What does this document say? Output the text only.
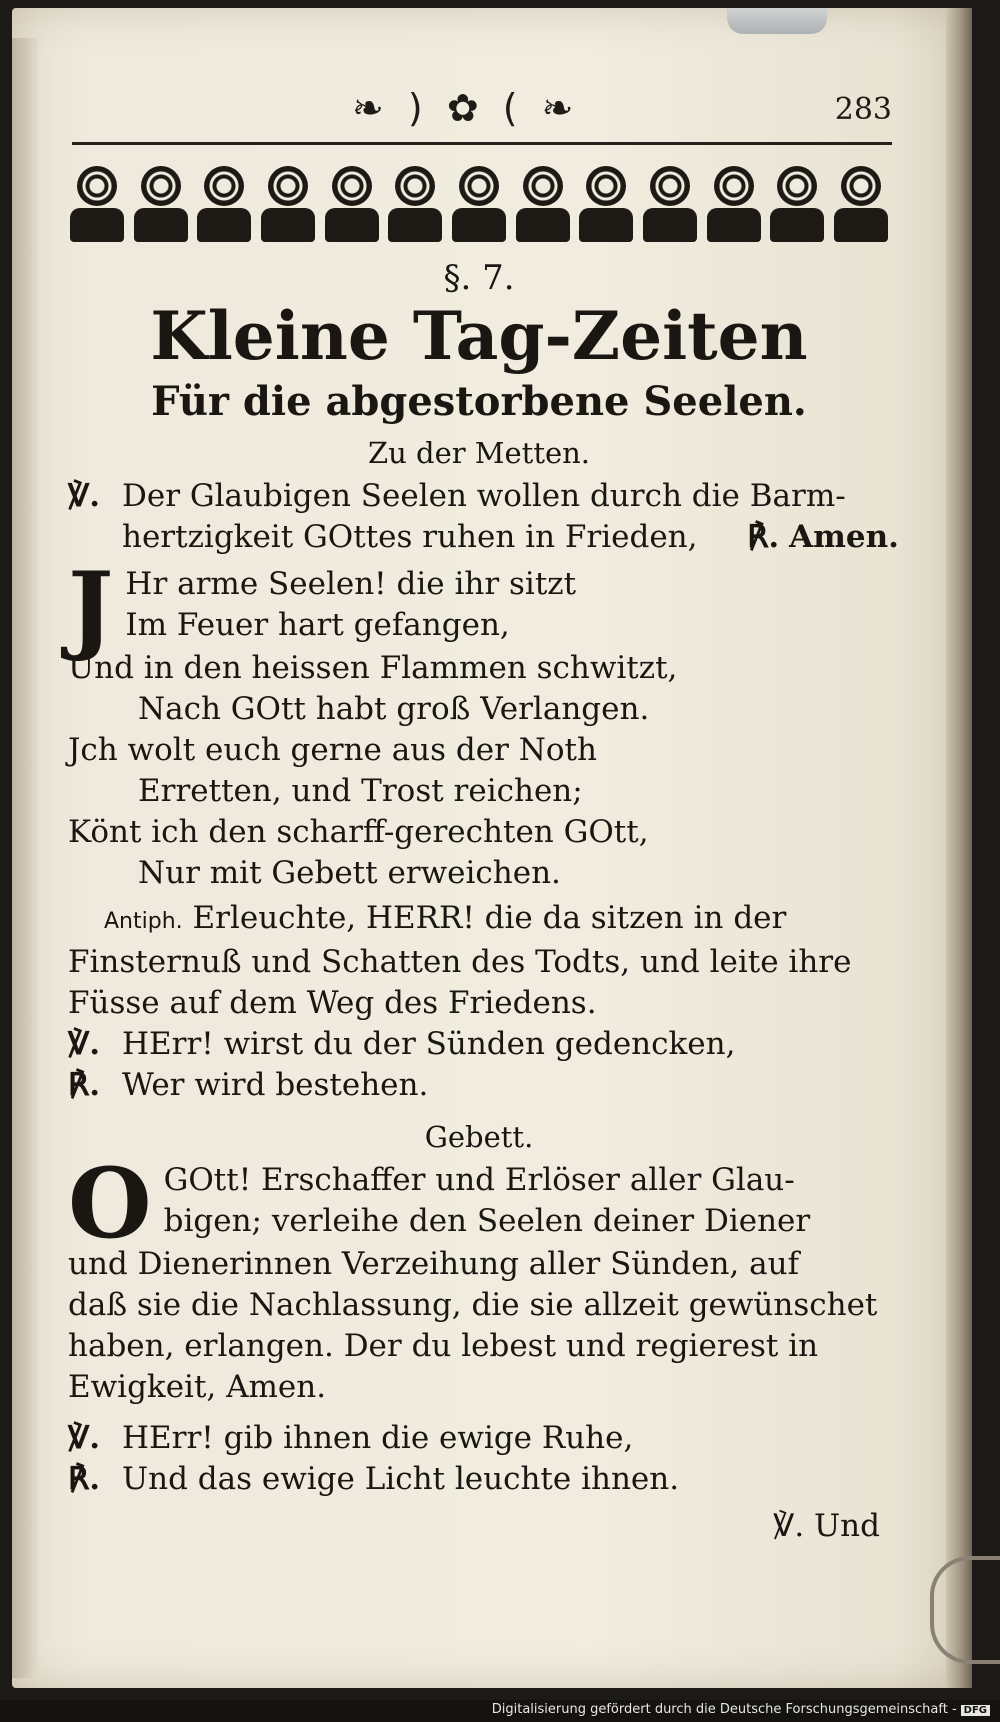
❧ ) ✿ ( ❧	283
§. 7.
Kleine Tag-Zeiten
Für die abgestorbene Seelen.
Zu der Metten.
℣. Der Glaubigen Seelen wollen durch die Barm-
hertzigkeit GOttes ruhen in Frieden, ℟. Amen.
J Hr arme Seelen! die ihr sitzt
Im Feuer hart gefangen,
Und in den heissen Flammen schwitzt,
Nach GOtt habt groß Verlangen.
Jch wolt euch gerne aus der Noth
Erretten, und Trost reichen;
Könt ich den scharff-gerechten GOtt,
Nur mit Gebett erweichen.
Antiph. Erleuchte, HERR! die da sitzen in der
Finsternuß und Schatten des Todts, und leite ihre
Füsse auf dem Weg des Friedens.
℣. HErr! wirst du der Sünden gedencken,
℟. Wer wird bestehen.
Gebett.
O GOtt! Erschaffer und Erlöser aller Glau-
bigen; verleihe den Seelen deiner Diener
und Dienerinnen Verzeihung aller Sünden, auf
daß sie die Nachlassung, die sie allzeit gewünschet
haben, erlangen. Der du lebest und regierest in
Ewigkeit, Amen.
℣. HErr! gib ihnen die ewige Ruhe,
℟. Und das ewige Licht leuchte ihnen.
℣. Und
Digitalisierung gefördert durch die Deutsche Forschungsgemeinschaft - DFG
